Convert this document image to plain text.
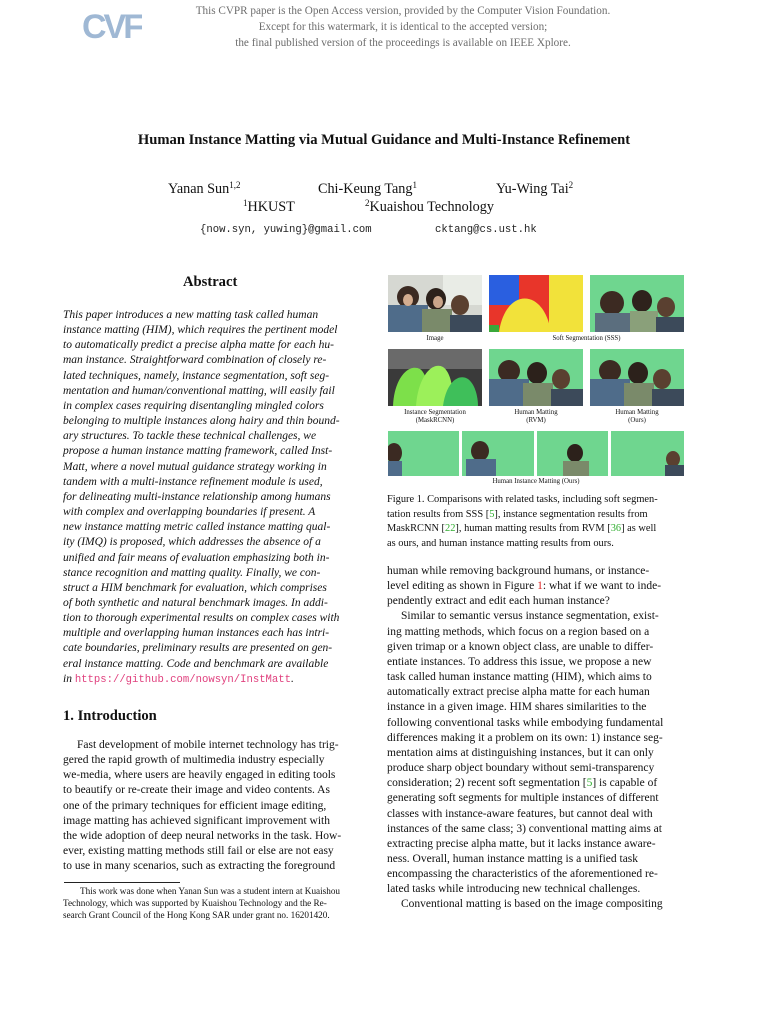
CVF	This CVPR paper is the Open Access version, provided by the Computer Vision Foundation.
Except for this watermark, it is identical to the accepted version;
the final published version of the proceedings is available on IEEE Xplore.
Human Instance Matting via Mutual Guidance and Multi-Instance Refinement
Yanan Sun$^{1,2}$	Chi-Keung Tang$^1$	Yu-Wing Tai$^2$
$^1$HKUST	$^2$Kuaishou Technology
{now.syn, yuwing}@gmail.com	cktang@cs.ust.hk
Abstract
This paper introduces a new matting task called human
instance matting (HIM), which requires the pertinent model
to automatically predict a precise alpha matte for each hu-
man instance. Straightforward combination of closely re-
lated techniques, namely, instance segmentation, soft seg-
mentation and human/conventional matting, will easily fail
in complex cases requiring disentangling mingled colors
belonging to multiple instances along hairy and thin bound-
ary structures. To tackle these technical challenges, we
propose a human instance matting framework, called Inst-
Matt, where a novel mutual guidance strategy working in
tandem with a multi-instance refinement module is used,
for delineating multi-instance relationship among humans
with complex and overlapping boundaries if present. A
new instance matting metric called instance matting qual-
ity (IMQ) is proposed, which addresses the absence of a
unified and fair means of evaluation emphasizing both in-
stance recognition and matting quality. Finally, we con-
struct a HIM benchmark for evaluation, which comprises
of both synthetic and natural benchmark images. In addi-
tion to thorough experimental results on complex cases with
multiple and overlapping human instances each has intri-
cate boundaries, preliminary results are presented on gen-
eral instance matting. Code and benchmark are available
in https://github.com/nowsyn/InstMatt.
1. Introduction
Fast development of mobile internet technology has trig-
gered the rapid growth of multimedia industry especially
we-media, where users are heavily engaged in editing tools
to beautify or re-create their image and video contents. As
one of the primary techniques for efficient image editing,
image matting has achieved significant improvement with
the wide adoption of deep neural networks in the task. How-
ever, existing matting methods still fail or else are not easy
to use in many scenarios, such as extracting the foreground
This work was done when Yanan Sun was a student intern at Kuaishou
Technology, which was supported by Kuaishou Technology and the Re-
search Grant Council of the Hong Kong SAR under grant no. 16201420.
Image	Soft Segmentation (SSS)
Instance Segmentation
(MaskRCNN)
Human Matting
(RVM)
Human Matting
(Ours)
Human Instance Matting (Ours)
Figure 1. Comparisons with related tasks, including soft segmen-
tation results from SSS [5], instance segmentation results from
MaskRCNN [22], human matting results from RVM [36] as well
as ours, and human instance matting results from ours.
human while removing background humans, or instance-
level editing as shown in Figure 1: what if we want to inde-
pendently extract and edit each human instance?
Similar to semantic versus instance segmentation, exist-
ing matting methods, which focus on a region based on a
given trimap or a known object class, are unable to differ-
entiate instances. To address this issue, we propose a new
task called human instance matting (HIM), which aims to
automatically extract precise alpha matte for each human
instance in a given image. HIM shares similarities to the
following conventional tasks while embodying fundamental
differences making it a problem on its own: 1) instance seg-
mentation aims at distinguishing instances, but it can only
produce sharp object boundary without semi-transparency
consideration; 2) recent soft segmentation [5] is capable of
generating soft segments for multiple instances of different
classes with instance-aware features, but cannot deal with
instances of the same class; 3) conventional matting aims at
extracting precise alpha matte, but it lacks instance aware-
ness. Overall, human instance matting is a unified task
encompassing the characteristics of the aforementioned re-
lated tasks while introducing new technical challenges.
Conventional matting is based on the image compositing
